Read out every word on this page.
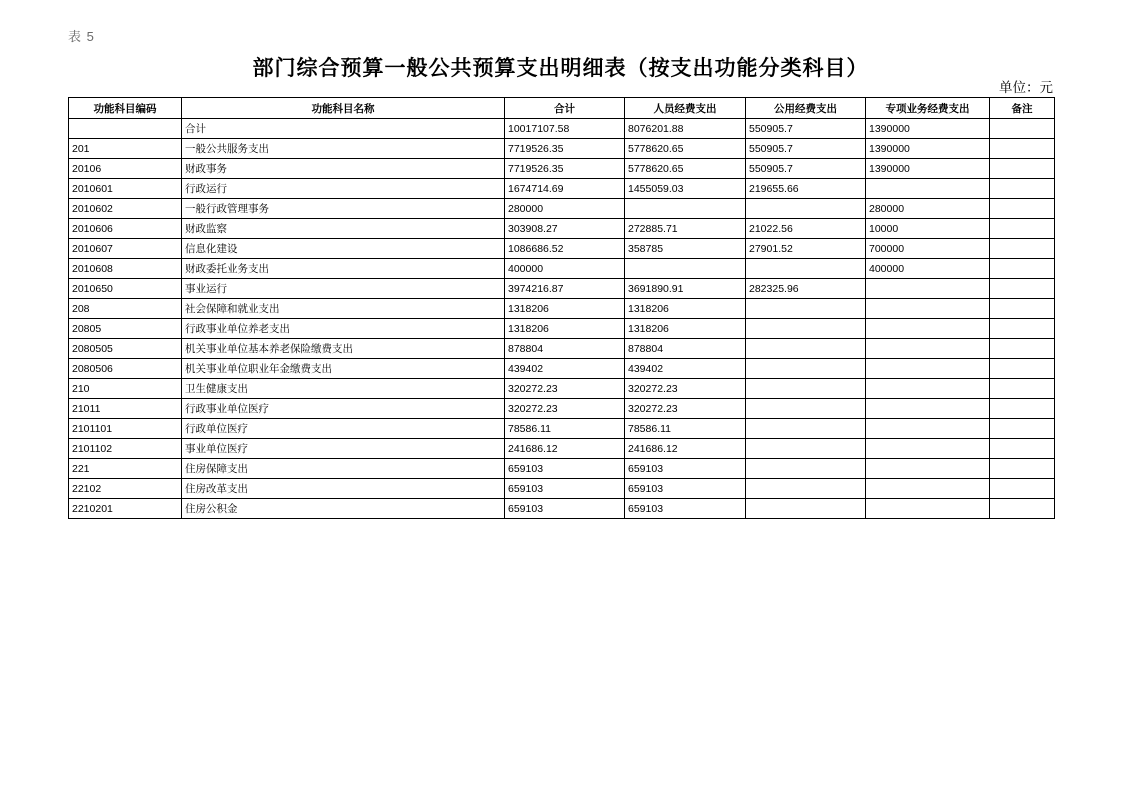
表 5
部门综合预算一般公共预算支出明细表（按支出功能分类科目）
单位：元
功能科目编码	功能科目名称	合计	人员经费支出	公用经费支出	专项业务经费支出	备注
	合计	10017107.58	8076201.88	550905.7	1390000	
201	一般公共服务支出	7719526.35	5778620.65	550905.7	1390000	
20106	财政事务	7719526.35	5778620.65	550905.7	1390000	
2010601	行政运行	1674714.69	1455059.03	219655.66		
2010602	一般行政管理事务	280000			280000	
2010606	财政监察	303908.27	272885.71	21022.56	10000	
2010607	信息化建设	1086686.52	358785	27901.52	700000	
2010608	财政委托业务支出	400000			400000	
2010650	事业运行	3974216.87	3691890.91	282325.96		
208	社会保障和就业支出	1318206	1318206			
20805	行政事业单位养老支出	1318206	1318206			
2080505	机关事业单位基本养老保险缴费支出	878804	878804			
2080506	机关事业单位职业年金缴费支出	439402	439402			
210	卫生健康支出	320272.23	320272.23			
21011	行政事业单位医疗	320272.23	320272.23			
2101101	行政单位医疗	78586.11	78586.11			
2101102	事业单位医疗	241686.12	241686.12			
221	住房保障支出	659103	659103			
22102	住房改革支出	659103	659103			
2210201	住房公积金	659103	659103			
